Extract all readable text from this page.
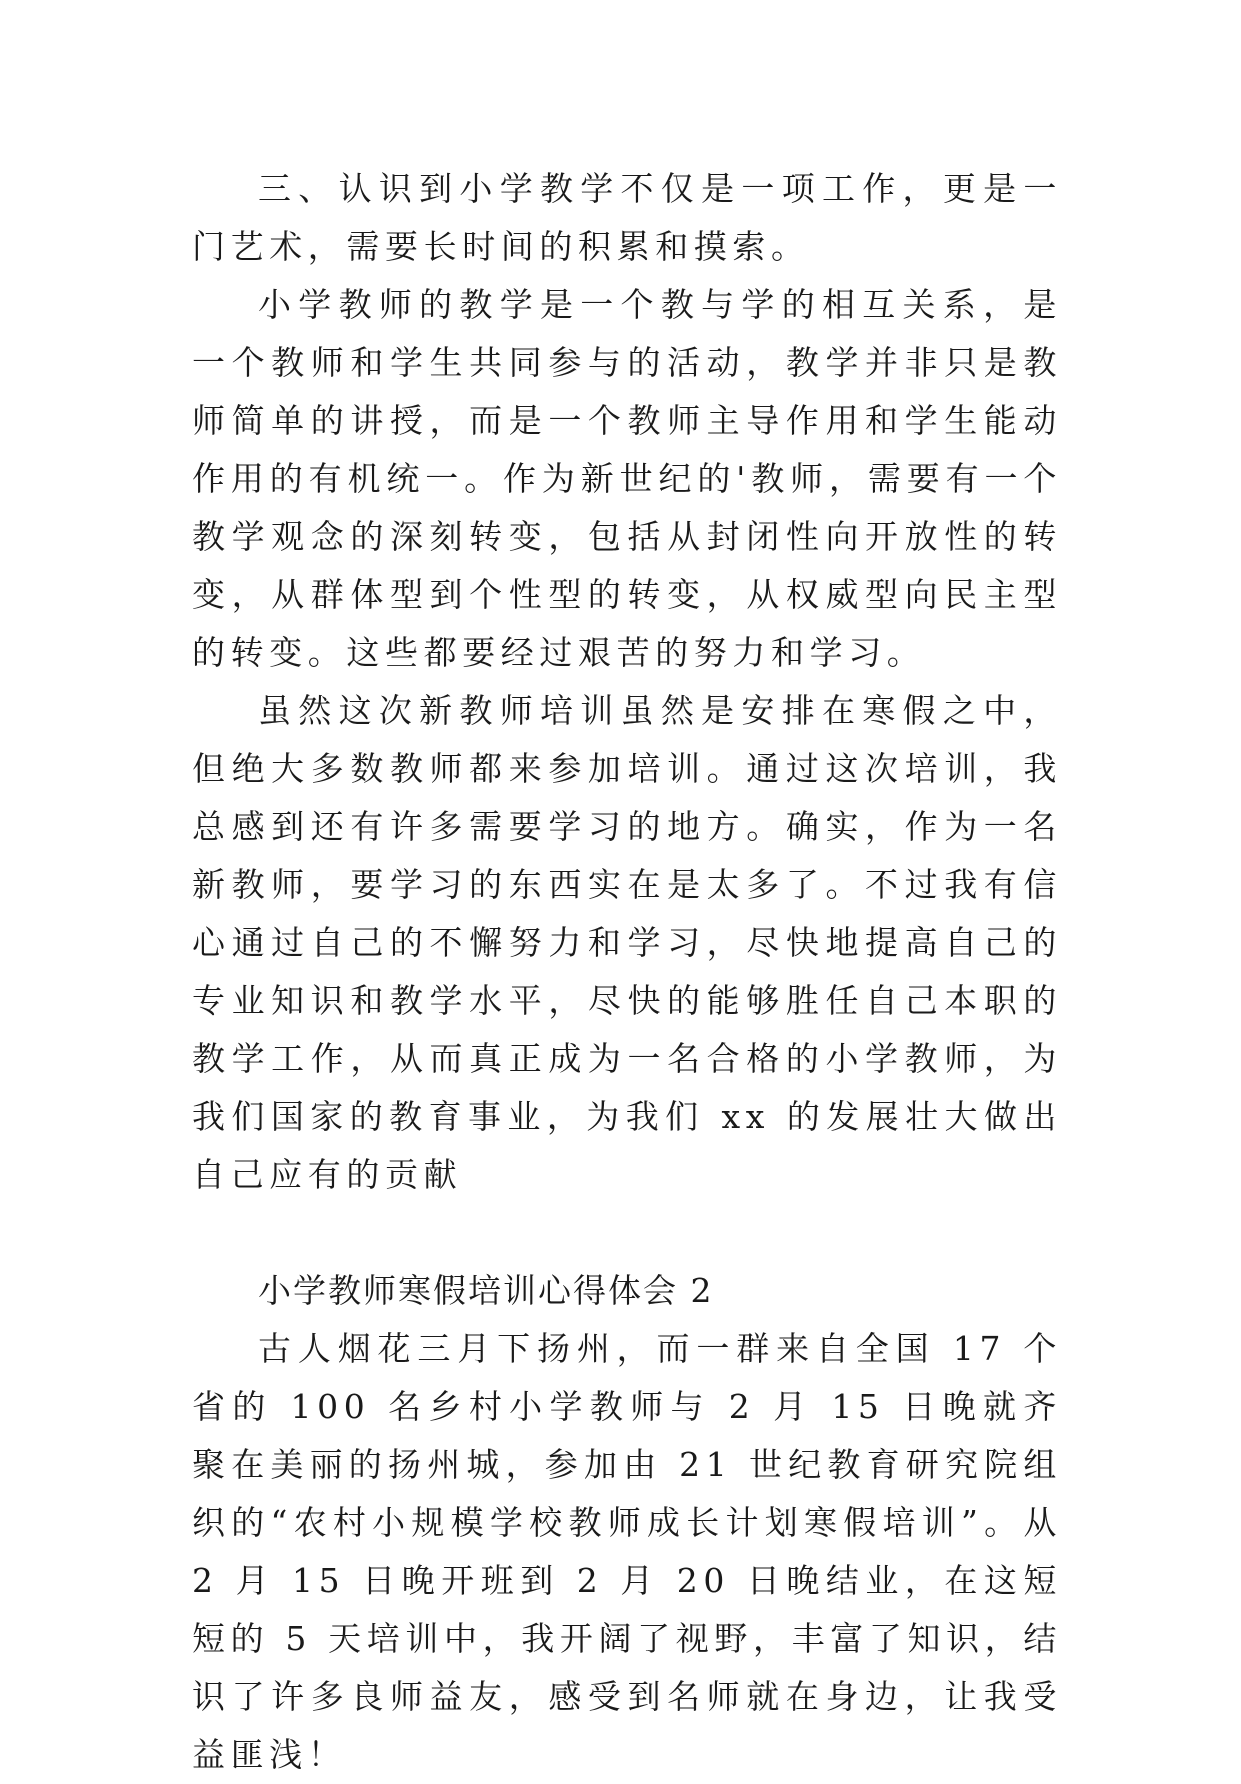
三、认识到小学教学不仅是一项工作，更是一门艺术，需要长时间的积累和摸索。

小学教师的教学是一个教与学的相互关系，是一个教师和学生共同参与的活动，教学并非只是教师简单的讲授，而是一个教师主导作用和学生能动作用的有机统一。作为新世纪的'教师，需要有一个教学观念的深刻转变，包括从封闭性向开放性的转变，从群体型到个性型的转变，从权威型向民主型的转变。这些都要经过艰苦的努力和学习。

虽然这次新教师培训虽然是安排在寒假之中，但绝大多数教师都来参加培训。通过这次培训，我总感到还有许多需要学习的地方。确实，作为一名新教师，要学习的东西实在是太多了。不过我有信心通过自己的不懈努力和学习，尽快地提高自己的专业知识和教学水平，尽快的能够胜任自己本职的教学工作，从而真正成为一名合格的小学教师，为我们国家的教育事业，为我们 xx 的发展壮大做出自己应有的贡献

小学教师寒假培训心得体会 2

古人烟花三月下扬州，而一群来自全国 17 个省的 100 名乡村小学教师与 2 月 15 日晚就齐聚在美丽的扬州城，参加由 21 世纪教育研究院组织的“农村小规模学校教师成长计划寒假培训”。从 2 月 15 日晚开班到 2 月 20 日晚结业，在这短短的 5 天培训中，我开阔了视野，丰富了知识，结识了许多良师益友，感受到名师就在身边，让我受益匪浅！
